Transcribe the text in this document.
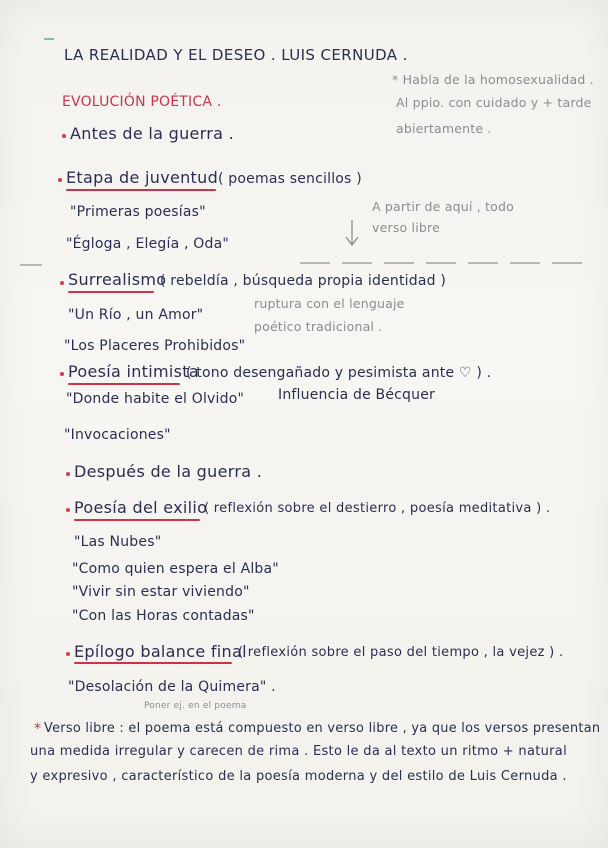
LA REALIDAD Y EL DESEO . LUIS CERNUDA .
* Habla de la homosexualidad .
Al ppio. con cuidado y + tarde
abiertamente .
EVOLUCIÓN POÉTICA .
Antes de la guerra .
Etapa de juventud ( poemas sencillos )
"Primeras poesías"
"Égloga , Elegía , Oda"
A partir de aquí , todo
verso libre
Surrealismo
( rebeldía , búsqueda propia identidad )
"Un Río , un Amor"
"Los Placeres Prohibidos"
ruptura con el lenguaje
poético tradicional .
Poesía intimista
( tono desengañado y pesimista ante ♡ ) .
"Donde habite el Olvido" Influencia de Bécquer
"Invocaciones"
Después de la guerra .
Poesía del exilio
( reflexión sobre el destierro , poesía meditativa ) .
"Las Nubes"
"Como quien espera el Alba"
"Vivir sin estar viviendo"
"Con las Horas contadas"
Epílogo balance final
( reflexión sobre el paso del tiempo , la vejez ) .
"Desolación de la Quimera" .
Poner ej. en el poema
* Verso libre : el poema está compuesto en verso libre , ya que los versos presentan
una medida irregular y carecen de rima . Esto le da al texto un ritmo + natural
y expresivo , característico de la poesía moderna y del estilo de Luis Cernuda .
